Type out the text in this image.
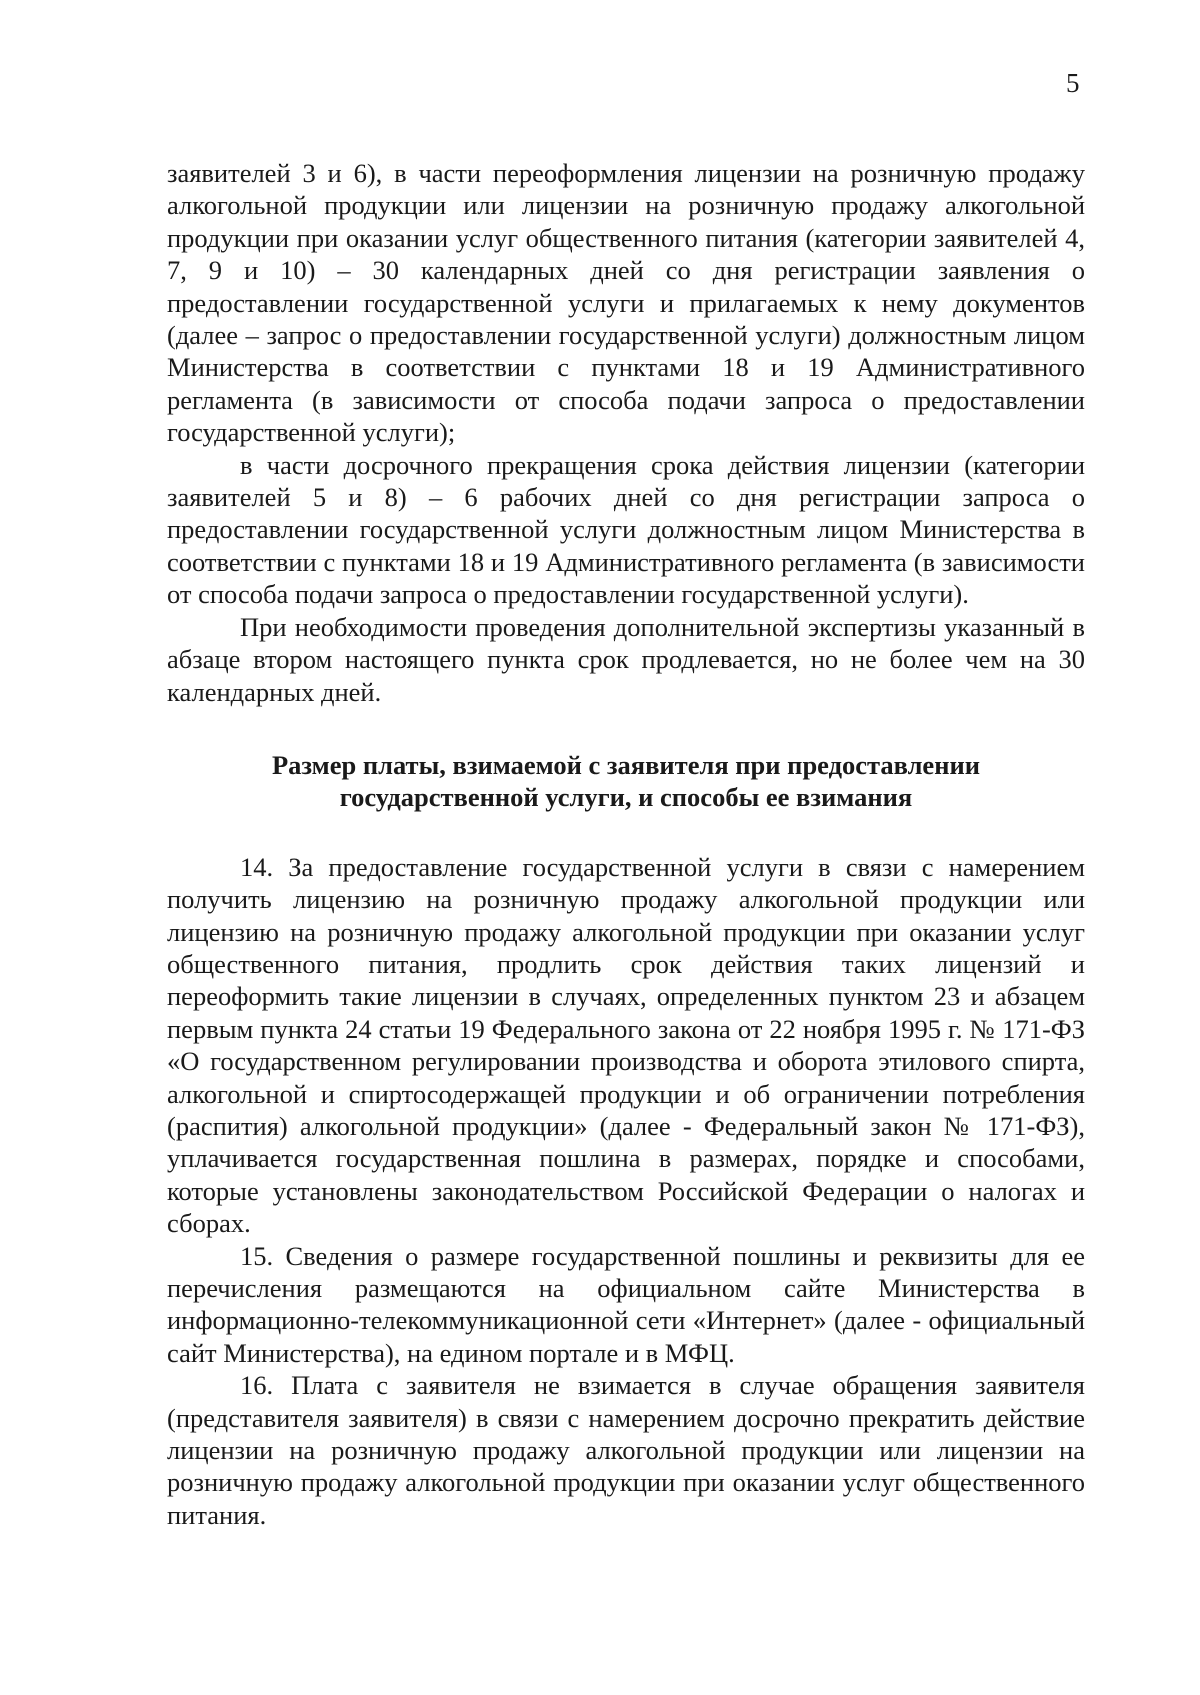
5

заявителей 3 и 6), в части переоформления лицензии на розничную продажу алкогольной продукции или лицензии на розничную продажу алкогольной продукции при оказании услуг общественного питания (категории заявителей 4, 7, 9 и 10) – 30 календарных дней со дня регистрации заявления о предоставлении государственной услуги и прилагаемых к нему документов (далее – запрос о предоставлении государственной услуги) должностным лицом Министерства в соответствии с пунктами 18 и 19 Административного регламента (в зависимости от способа подачи запроса о предоставлении государственной услуги);

в части досрочного прекращения срока действия лицензии (категории заявителей 5 и 8) – 6 рабочих дней со дня регистрации запроса о предоставлении государственной услуги должностным лицом Министерства в соответствии с пунктами 18 и 19 Административного регламента (в зависимости от способа подачи запроса о предоставлении государственной услуги).

При необходимости проведения дополнительной экспертизы указанный в абзаце втором настоящего пункта срок продлевается, но не более чем на 30 календарных дней.

Размер платы, взимаемой с заявителя при предоставлении
государственной услуги, и способы ее взимания

14. За предоставление государственной услуги в связи с намерением получить лицензию на розничную продажу алкогольной продукции или лицензию на розничную продажу алкогольной продукции при оказании услуг общественного питания, продлить срок действия таких лицензий и переоформить такие лицензии в случаях, определенных пунктом 23 и абзацем первым пункта 24 статьи 19 Федерального закона от 22 ноября 1995 г. № 171-ФЗ «О государственном регулировании производства и оборота этилового спирта, алкогольной и спиртосодержащей продукции и об ограничении потребления (распития) алкогольной продукции» (далее - Федеральный закон № 171-ФЗ), уплачивается государственная пошлина в размерах, порядке и способами, которые установлены законодательством Российской Федерации о налогах и сборах.

15. Сведения о размере государственной пошлины и реквизиты для ее перечисления размещаются на официальном сайте Министерства в информационно-телекоммуникационной сети «Интернет» (далее - официальный сайт Министерства), на едином портале и в МФЦ.

16. Плата с заявителя не взимается в случае обращения заявителя (представителя заявителя) в связи с намерением досрочно прекратить действие лицензии на розничную продажу алкогольной продукции или лицензии на розничную продажу алкогольной продукции при оказании услуг общественного питания.
